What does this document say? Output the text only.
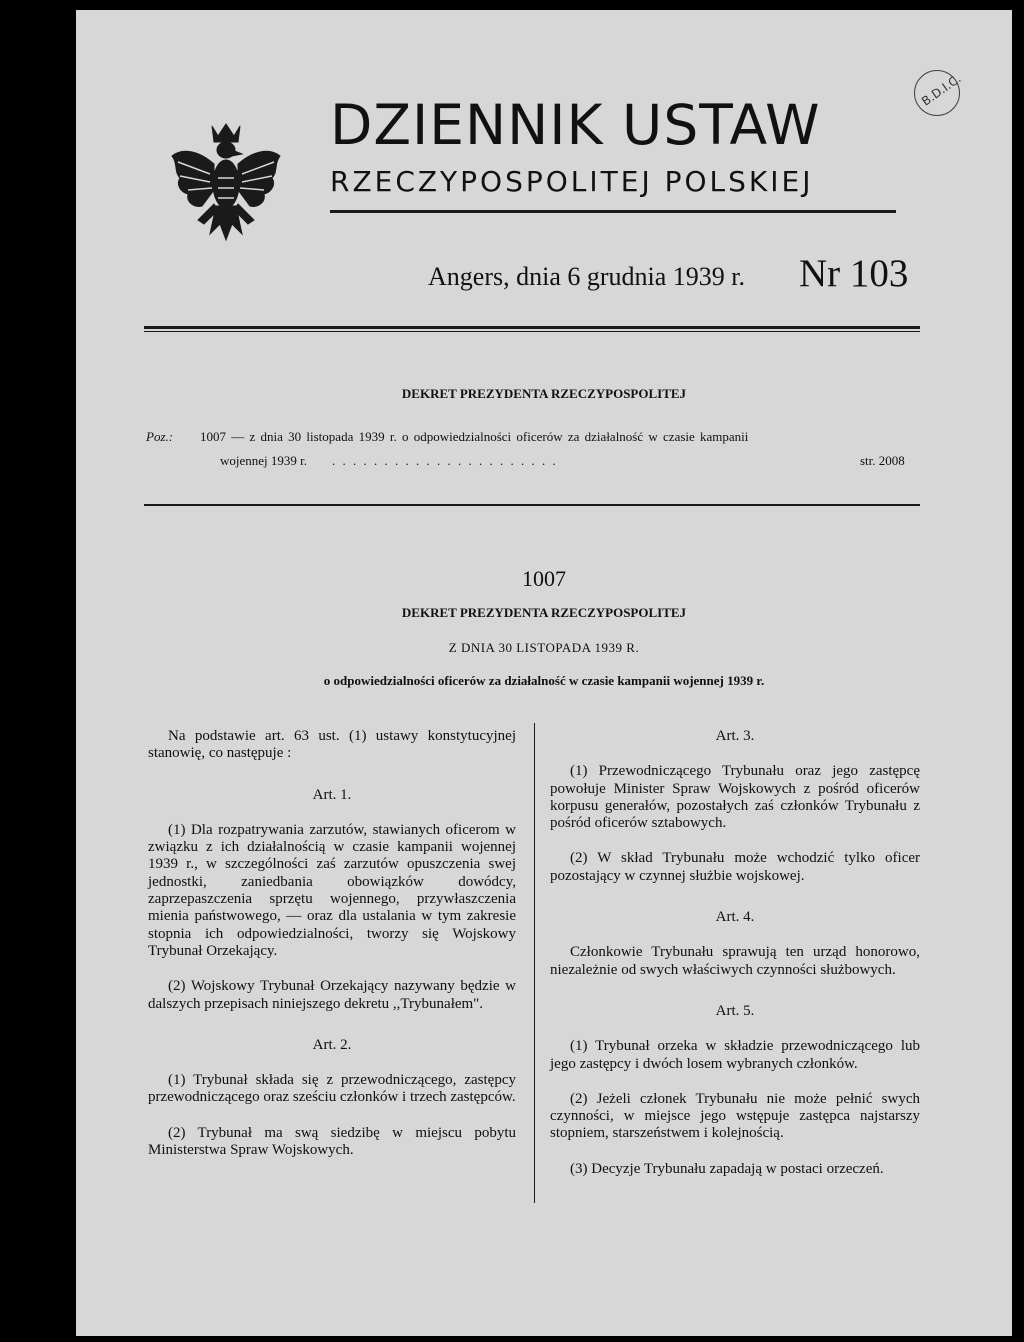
DZIENNIK USTAW
RZECZYPOSPOLITEJ POLSKIEJ
B.D.I.C.
Angers, dnia 6 grudnia 1939 r. Nr 103
DEKRET PREZYDENTA RZECZYPOSPOLITEJ
Poz.: 1007 — z dnia 30 listopada 1939 r. o odpowiedzialności oficerów za działalność w czasie kampanii
wojennej 1939 r. . . . . . . . . . . . . . . . . . . . . . .	str. 2008
1007
DEKRET PREZYDENTA RZECZYPOSPOLITEJ
Z DNIA 30 LISTOPADA 1939 R.
o odpowiedzialności oficerów za działalność w czasie kampanii wojennej 1939 r.

Na podstawie art. 63 ust. (1) ustawy konstytucyjnej stanowię, co następuje :

Art. 1.

(1) Dla rozpatrywania zarzutów, stawianych oficerom w związku z ich działalnością w czasie kampanii wojennej 1939 r., w szczególności zaś zarzutów opuszczenia swej jednostki, zaniedbania obowiązków dowódcy, zaprzepaszczenia sprzętu wojennego, przywłaszczenia mienia państwowego, — oraz dla ustalania w tym zakresie stopnia ich odpowiedzialności, tworzy się Wojskowy Trybunał Orzekający.

(2) Wojskowy Trybunał Orzekający nazywany będzie w dalszych przepisach niniejszego dekretu ,,Trybunałem".

Art. 2.

(1) Trybunał składa się z przewodniczącego, zastępcy przewodniczącego oraz sześciu członków i trzech zastępców.

(2) Trybunał ma swą siedzibę w miejscu pobytu Ministerstwa Spraw Wojskowych.

Art. 3.

(1) Przewodniczącego Trybunału oraz jego zastępcę powołuje Minister Spraw Wojskowych z pośród oficerów korpusu generałów, pozostałych zaś członków Trybunału z pośród oficerów sztabowych.

(2) W skład Trybunału może wchodzić tylko oficer pozostający w czynnej służbie wojskowej.

Art. 4.

Członkowie Trybunału sprawują ten urząd honorowo, niezależnie od swych właściwych czynności służbowych.

Art. 5.

(1) Trybunał orzeka w składzie przewodniczącego lub jego zastępcy i dwóch losem wybranych członków.

(2) Jeżeli członek Trybunału nie może pełnić swych czynności, w miejsce jego wstępuje zastępca najstarszy stopniem, starszeństwem i kolejnością.

(3) Decyzje Trybunału zapadają w postaci orzeczeń.
